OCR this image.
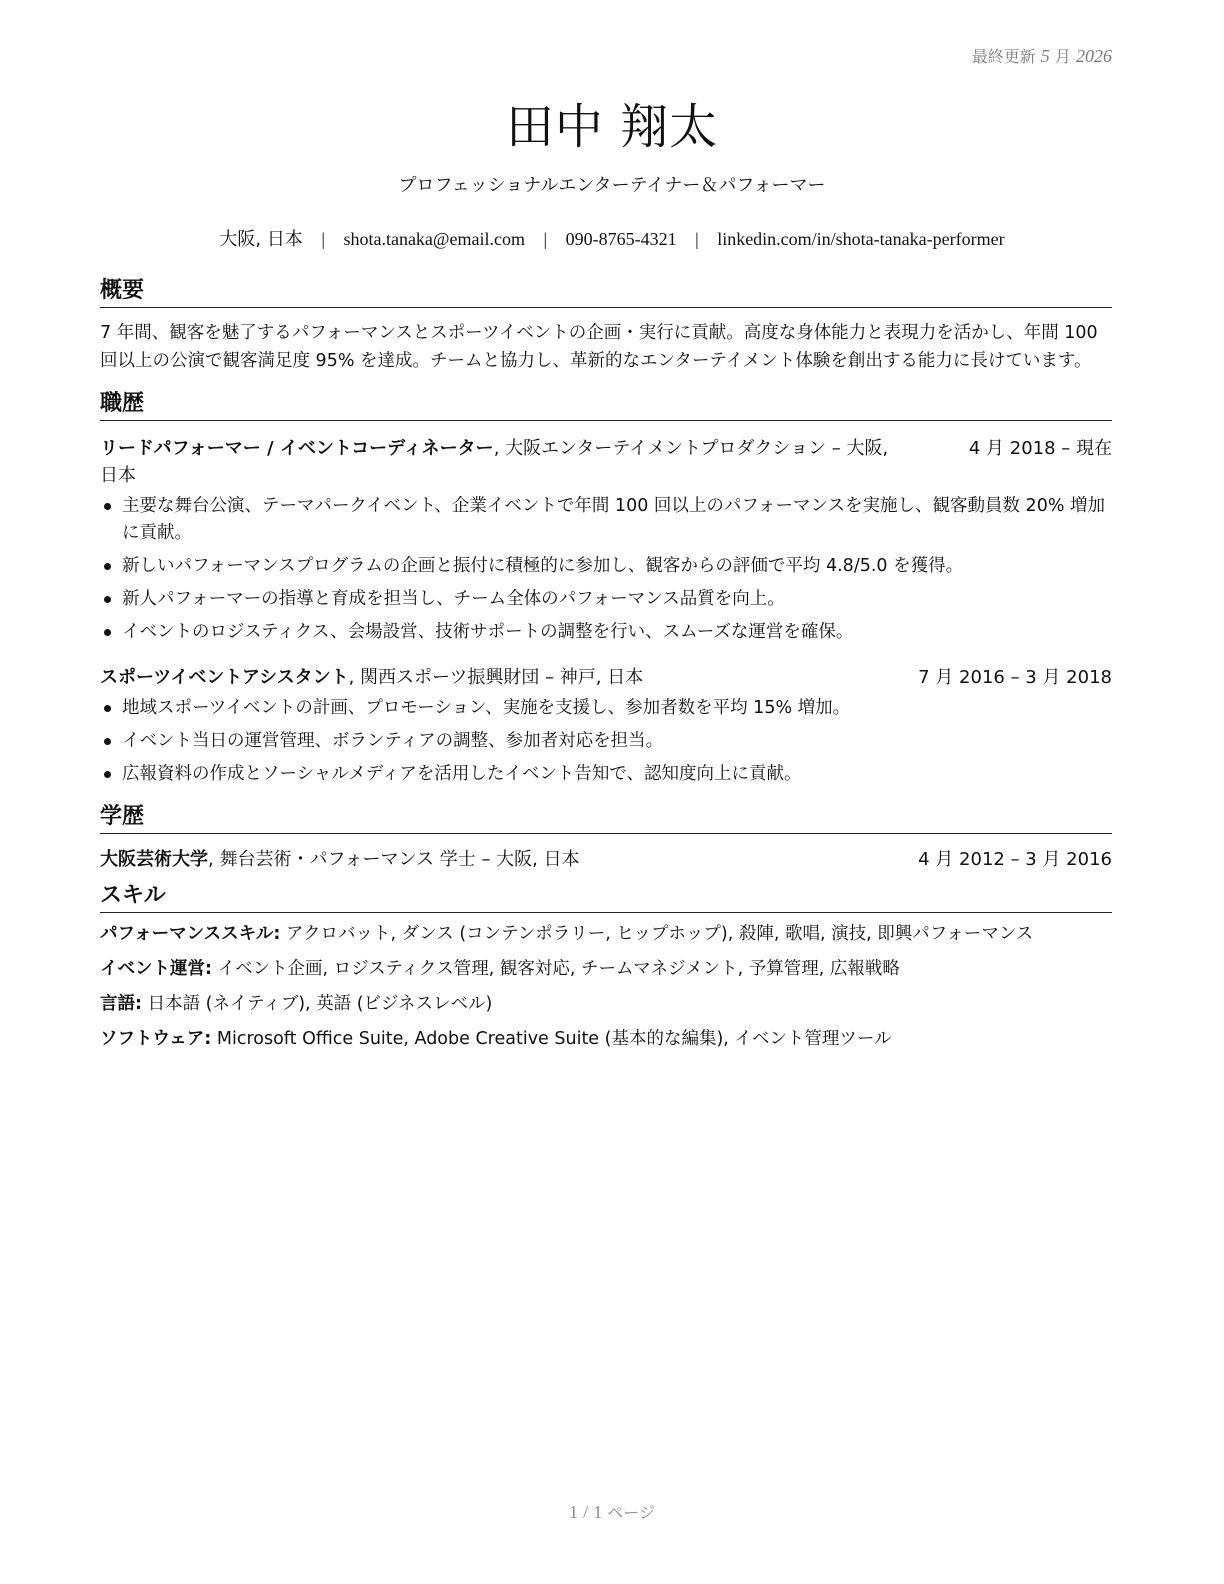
最終更新 5 月 2026
田中 翔太
プロフェッショナルエンターテイナー＆パフォーマー
大阪, 日本 | shota.tanaka@email.com | 090-8765-4321 | linkedin.com/in/shota-tanaka-performer
概要
7 年間、観客を魅了するパフォーマンスとスポーツイベントの企画・実行に貢献。高度な身体能力と表現力を活かし、年間 100 回以上の公演で観客満足度 95% を達成。チームと協力し、革新的なエンターテイメント体験を創出する能力に長けています。
職歴
リードパフォーマー / イベントコーディネーター, 大阪エンターテイメントプロダクション – 大阪, 日本
4 月 2018 – 現在
主要な舞台公演、テーマパークイベント、企業イベントで年間 100 回以上のパフォーマンスを実施し、観客動員数 20% 増加に貢献。
新しいパフォーマンスプログラムの企画と振付に積極的に参加し、観客からの評価で平均 4.8/5.0 を獲得。
新人パフォーマーの指導と育成を担当し、チーム全体のパフォーマンス品質を向上。
イベントのロジスティクス、会場設営、技術サポートの調整を行い、スムーズな運営を確保。
スポーツイベントアシスタント, 関西スポーツ振興財団 – 神戸, 日本	7 月 2016 – 3 月 2018
地域スポーツイベントの計画、プロモーション、実施を支援し、参加者数を平均 15% 増加。
イベント当日の運営管理、ボランティアの調整、参加者対応を担当。
広報資料の作成とソーシャルメディアを活用したイベント告知で、認知度向上に貢献。
学歴
大阪芸術大学, 舞台芸術・パフォーマンス 学士 – 大阪, 日本	4 月 2012 – 3 月 2016
スキル
パフォーマンススキル: アクロバット, ダンス (コンテンポラリー, ヒップホップ), 殺陣, 歌唱, 演技, 即興パフォーマンス
イベント運営: イベント企画, ロジスティクス管理, 観客対応, チームマネジメント, 予算管理, 広報戦略
言語: 日本語 (ネイティブ), 英語 (ビジネスレベル)
ソフトウェア: Microsoft Office Suite, Adobe Creative Suite (基本的な編集), イベント管理ツール
1 / 1 ページ
